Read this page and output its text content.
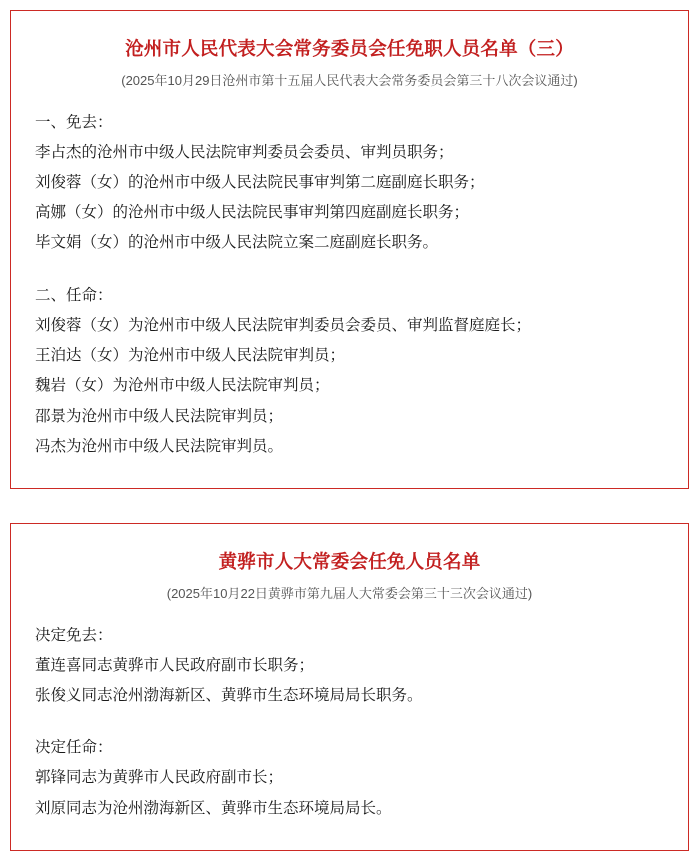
沧州市人民代表大会常务委员会任免职人员名单（三）
(2025年10月29日沧州市第十五届人民代表大会常务委员会第三十八次会议通过)
一、免去：
李占杰的沧州市中级人民法院审判委员会委员、审判员职务；
刘俊蓉（女）的沧州市中级人民法院民事审判第二庭副庭长职务；
高娜（女）的沧州市中级人民法院民事审判第四庭副庭长职务；
毕文娟（女）的沧州市中级人民法院立案二庭副庭长职务。
二、任命：
刘俊蓉（女）为沧州市中级人民法院审判委员会委员、审判监督庭庭长；
王泊达（女）为沧州市中级人民法院审判员；
魏岩（女）为沧州市中级人民法院审判员；
邵景为沧州市中级人民法院审判员；
冯杰为沧州市中级人民法院审判员。
黄骅市人大常委会任免人员名单
(2025年10月22日黄骅市第九届人大常委会第三十三次会议通过)
决定免去：
董连喜同志黄骅市人民政府副市长职务；
张俊义同志沧州渤海新区、黄骅市生态环境局局长职务。
决定任命：
郭锋同志为黄骅市人民政府副市长；
刘原同志为沧州渤海新区、黄骅市生态环境局局长。
